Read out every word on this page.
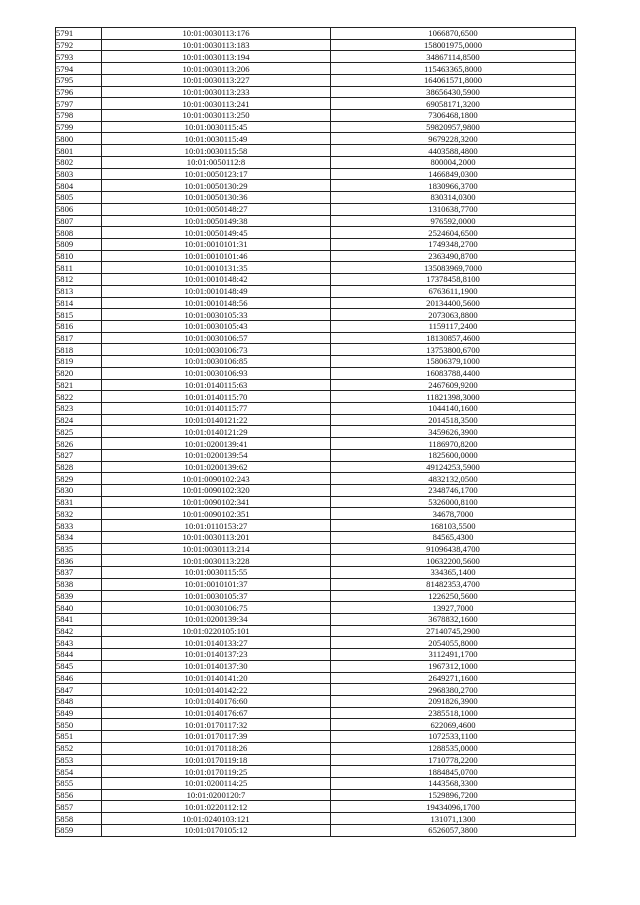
5791	10:01:0030113:176	1066870,6500
5792	10:01:0030113:183	158001975,0000
5793	10:01:0030113:194	34867114,8500
5794	10:01:0030113:206	115463365,8000
5795	10:01:0030113:227	164061571,8000
5796	10:01:0030113:233	38656430,5900
5797	10:01:0030113:241	69058171,3200
5798	10:01:0030113:250	7306468,1800
5799	10:01:0030115:45	59820957,9800
5800	10:01:0030115:49	9679228,3200
5801	10:01:0030115:58	4403588,4800
5802	10:01:0050112:8	800004,2000
5803	10:01:0050123:17	1466849,0300
5804	10:01:0050130:29	1830966,3700
5805	10:01:0050130:36	830314,0300
5806	10:01:0050148:27	1310638,7700
5807	10:01:0050149:38	976592,0000
5808	10:01:0050149:45	2524604,6500
5809	10:01:0010101:31	1749348,2700
5810	10:01:0010101:46	2363490,8700
5811	10:01:0010131:35	135083969,7000
5812	10:01:0010148:42	17378458,8100
5813	10:01:0010148:49	6763611,1900
5814	10:01:0010148:56	20134400,5600
5815	10:01:0030105:33	2073063,8800
5816	10:01:0030105:43	1159117,2400
5817	10:01:0030106:57	18130857,4600
5818	10:01:0030106:73	13753800,6700
5819	10:01:0030106:85	15806379,1000
5820	10:01:0030106:93	16083788,4400
5821	10:01:0140115:63	2467609,9200
5822	10:01:0140115:70	11821398,3000
5823	10:01:0140115:77	1044140,1600
5824	10:01:0140121:22	2014518,3500
5825	10:01:0140121:29	3459626,3900
5826	10:01:0200139:41	1186970,8200
5827	10:01:0200139:54	1825600,0000
5828	10:01:0200139:62	49124253,5900
5829	10:01:0090102:243	4832132,0500
5830	10:01:0090102:320	2348746,1700
5831	10:01:0090102:341	5326000,8100
5832	10:01:0090102:351	34678,7000
5833	10:01:0110153:27	168103,5500
5834	10:01:0030113:201	84565,4300
5835	10:01:0030113:214	91096438,4700
5836	10:01:0030113:228	10632200,5600
5837	10:01:0030115:55	334365,1400
5838	10:01:0010101:37	81482353,4700
5839	10:01:0030105:37	1226250,5600
5840	10:01:0030106:75	13927,7000
5841	10:01:0200139:34	3678832,1600
5842	10:01:0220105:101	27140745,2900
5843	10:01:0140133:27	2054055,8000
5844	10:01:0140137:23	3112491,1700
5845	10:01:0140137:30	1967312,1000
5846	10:01:0140141:20	2649271,1600
5847	10:01:0140142:22	2968380,2700
5848	10:01:0140176:60	2091826,3900
5849	10:01:0140176:67	2385518,1000
5850	10:01:0170117:32	622069,4600
5851	10:01:0170117:39	1072533,1100
5852	10:01:0170118:26	1288535,0000
5853	10:01:0170119:18	1710778,2200
5854	10:01:0170119:25	1884845,0700
5855	10:01:0200114:25	1443568,3300
5856	10:01:0200120:7	1529896,7200
5857	10:01:0220112:12	19434096,1700
5858	10:01:0240103:121	131071,1300
5859	10:01:0170105:12	6526057,3800
